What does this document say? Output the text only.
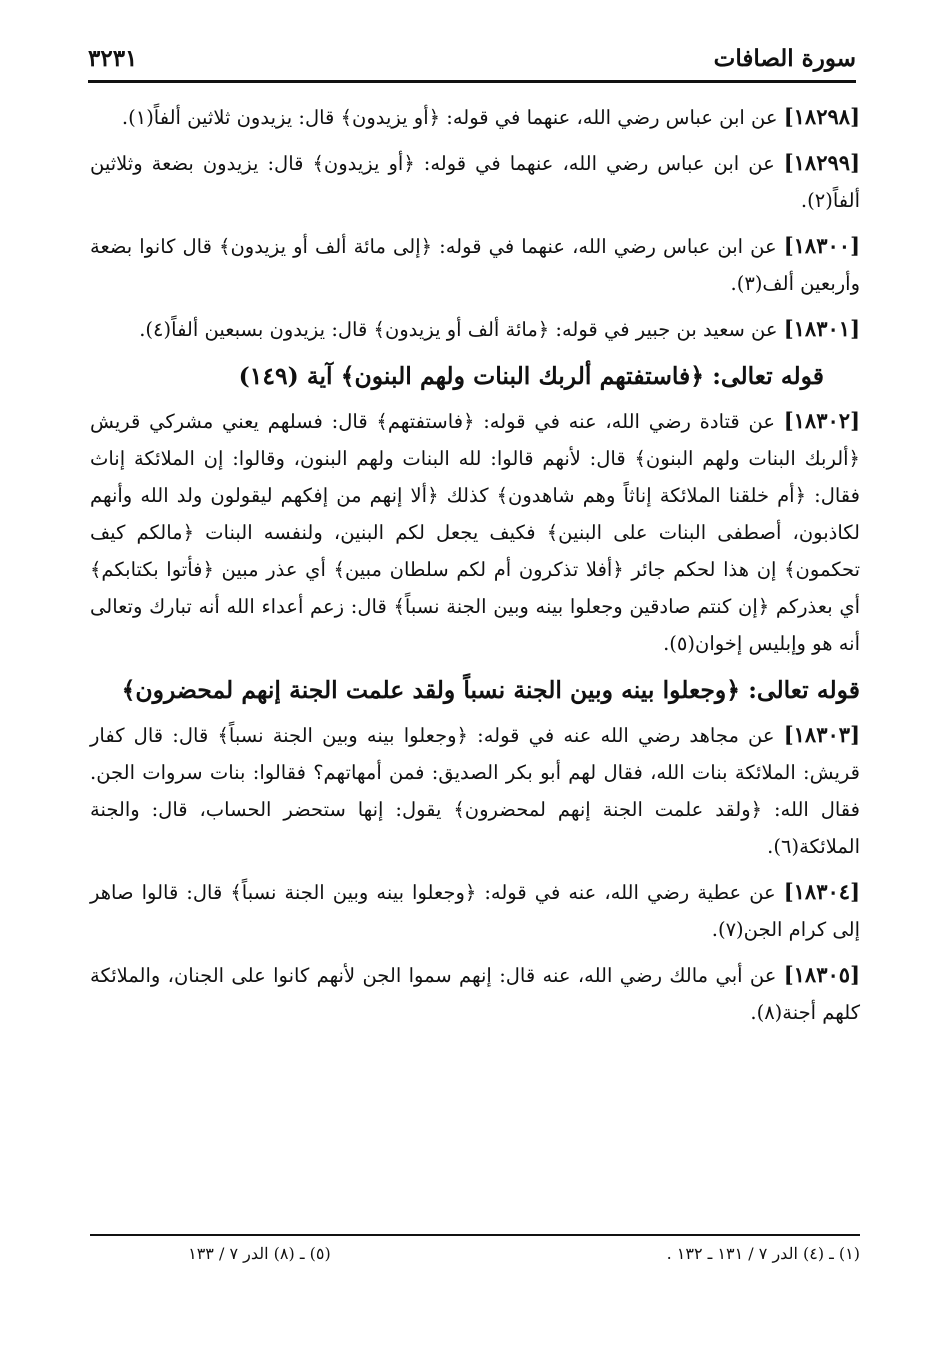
سورة الصافات
٣٢٣١

[١٨٢٩٨] عن ابن عباس رضي الله، عنهما في قوله: ﴿أو يزيدون﴾ قال: يزيدون ثلاثين ألفاً(١).

[١٨٢٩٩] عن ابن عباس رضي الله، عنهما في قوله: ﴿أو يزيدون﴾ قال: يزيدون بضعة وثلاثين ألفاً(٢).

[١٨٣٠٠] عن ابن عباس رضي الله، عنهما في قوله: ﴿إلى مائة ألف أو يزيدون﴾ قال كانوا بضعة وأربعين ألف(٣).

[١٨٣٠١] عن سعيد بن جبير في قوله: ﴿مائة ألف أو يزيدون﴾ قال: يزيدون بسبعين ألفاً(٤).

قوله تعالى: ﴿فاستفتهم ألربك البنات ولهم البنون﴾ آية (١٤٩)

[١٨٣٠٢] عن قتادة رضي الله، عنه في قوله: ﴿فاستفتهم﴾ قال: فسلهم يعني مشركي قريش ﴿ألربك البنات ولهم البنون﴾ قال: لأنهم قالوا: لله البنات ولهم البنون، وقالوا: إن الملائكة إناث فقال: ﴿أم خلقنا الملائكة إناثاً وهم شاهدون﴾ كذلك ﴿ألا إنهم من إفكهم ليقولون ولد الله وأنهم لكاذبون، أصطفى البنات على البنين﴾ فكيف يجعل لكم البنين، ولنفسه البنات ﴿مالكم كيف تحكمون﴾ إن هذا لحكم جائر ﴿أفلا تذكرون أم لكم سلطان مبين﴾ أي عذر مبين ﴿فأتوا بكتابكم﴾ أي بعذركم ﴿إن كنتم صادقين وجعلوا بينه وبين الجنة نسباً﴾ قال: زعم أعداء الله أنه تبارك وتعالى أنه هو وإبليس إخوان(٥).

قوله تعالى: ﴿وجعلوا بينه وبين الجنة نسباً ولقد علمت الجنة إنهم لمحضرون﴾

[١٨٣٠٣] عن مجاهد رضي الله عنه في قوله: ﴿وجعلوا بينه وبين الجنة نسباً﴾ قال: قال كفار قريش: الملائكة بنات الله، فقال لهم أبو بكر الصديق: فمن أمهاتهم؟ فقالوا: بنات سروات الجن. فقال الله: ﴿ولقد علمت الجنة إنهم لمحضرون﴾ يقول: إنها ستحضر الحساب، قال: والجنة الملائكة(٦).

[١٨٣٠٤] عن عطية رضي الله، عنه في قوله: ﴿وجعلوا بينه وبين الجنة نسباً﴾ قال: قالوا صاهر إلى كرام الجن(٧).

[١٨٣٠٥] عن أبي مالك رضي الله، عنه قال: إنهم سموا الجن لأنهم كانوا على الجنان، والملائكة كلهم أجنة(٨).

(١) ـ (٤) الدر ٧ / ١٣١ ـ ١٣٢ .
(٥) ـ (٨) الدر ٧ / ١٣٣
